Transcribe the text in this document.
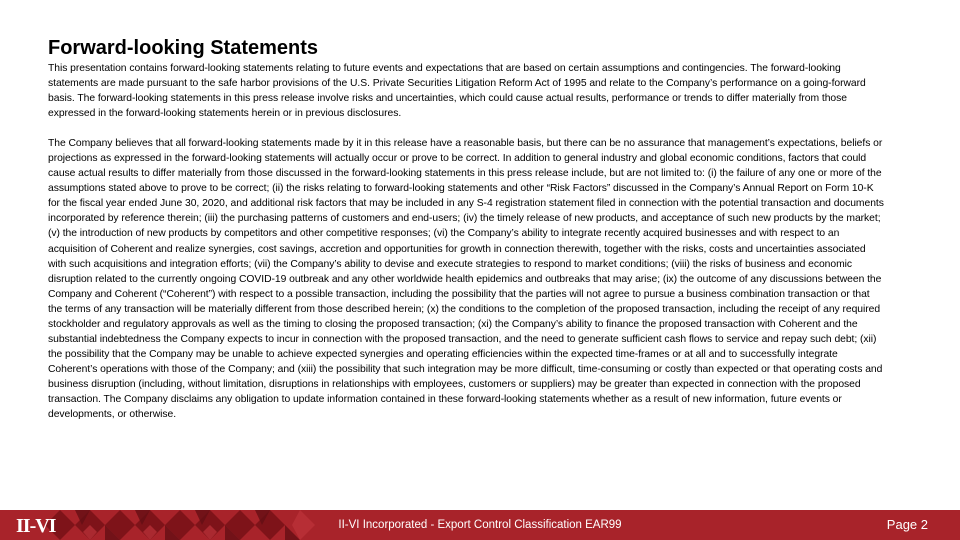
Forward-looking Statements

This presentation contains forward-looking statements relating to future events and expectations that are based on certain assumptions and contingencies. The forward-looking statements are made pursuant to the safe harbor provisions of the U.S. Private Securities Litigation Reform Act of 1995 and relate to the Company’s performance on a going-forward basis. The forward-looking statements in this press release involve risks and uncertainties, which could cause actual results, performance or trends to differ materially from those expressed in the forward-looking statements herein or in previous disclosures.

The Company believes that all forward-looking statements made by it in this release have a reasonable basis, but there can be no assurance that management’s expectations, beliefs or projections as expressed in the forward-looking statements will actually occur or prove to be correct. In addition to general industry and global economic conditions, factors that could cause actual results to differ materially from those discussed in the forward-looking statements in this press release include, but are not limited to: (i) the failure of any one or more of the assumptions stated above to prove to be correct; (ii) the risks relating to forward-looking statements and other “Risk Factors” discussed in the Company’s Annual Report on Form 10-K for the fiscal year ended June 30, 2020, and additional risk factors that may be included in any S-4 registration statement filed in connection with the potential transaction and documents incorporated by reference therein; (iii) the purchasing patterns of customers and end-users; (iv) the timely release of new products, and acceptance of such new products by the market; (v) the introduction of new products by competitors and other competitive responses; (vi) the Company’s ability to integrate recently acquired businesses and with respect to an acquisition of Coherent and realize synergies, cost savings, accretion and opportunities for growth in connection therewith, together with the risks, costs and uncertainties associated with such acquisitions and integration efforts; (vii) the Company’s ability to devise and execute strategies to respond to market conditions; (viii) the risks of business and economic disruption related to the currently ongoing COVID-19 outbreak and any other worldwide health epidemics and outbreaks that may arise; (ix) the outcome of any discussions between the Company and Coherent (“Coherent”) with respect to a possible transaction, including the possibility that the parties will not agree to pursue a business combination transaction or that the terms of any transaction will be materially different from those described herein; (x) the conditions to the completion of the proposed transaction, including the receipt of any required stockholder and regulatory approvals as well as the timing to closing the proposed transaction; (xi) the Company’s ability to finance the proposed transaction with Coherent and the substantial indebtedness the Company expects to incur in connection with the proposed transaction, and the need to generate sufficient cash flows to service and repay such debt; (xii) the possibility that the Company may be unable to achieve expected synergies and operating efficiencies within the expected time-frames or at all and to successfully integrate Coherent’s operations with those of the Company; and (xiii) the possibility that such integration may be more difficult, time-consuming or costly than expected or that operating costs and business disruption (including, without limitation, disruptions in relationships with employees, customers or suppliers) may be greater than expected in connection with the proposed transaction. The Company disclaims any obligation to update information contained in these forward-looking statements whether as a result of new information, future events or developments, or otherwise.

II-VI	II-VI Incorporated - Export Control Classification EAR99	Page 2
